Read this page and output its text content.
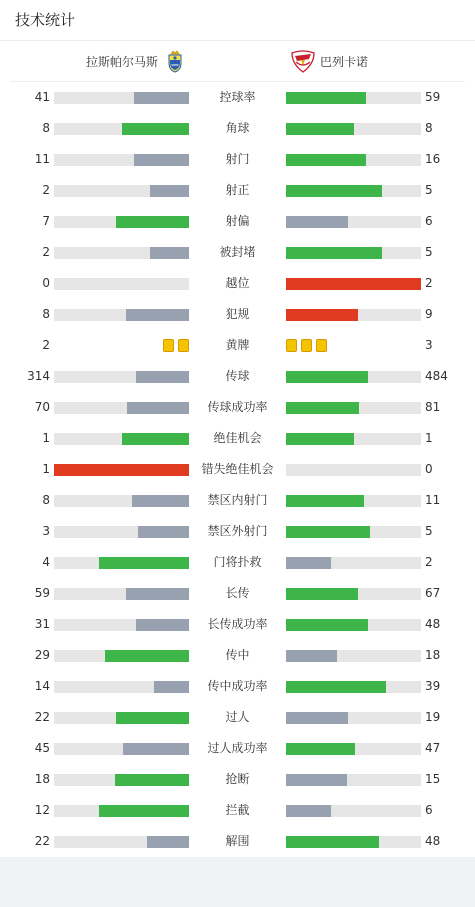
技术统计
拉斯帕尔马斯	巴列卡诺
41	控球率	59
8	角球	8
11	射门	16
2	射正	5
7	射偏	6
2	被封堵	5
0	越位	2
8	犯规	9
2	黄牌	3
314	传球	484
70	传球成功率	81
1	绝佳机会	1
1	错失绝佳机会	0
8	禁区内射门	11
3	禁区外射门	5
4	门将扑救	2
59	长传	67
31	长传成功率	48
29	传中	18
14	传中成功率	39
22	过人	19
45	过人成功率	47
18	抢断	15
12	拦截	6
22	解围	48
